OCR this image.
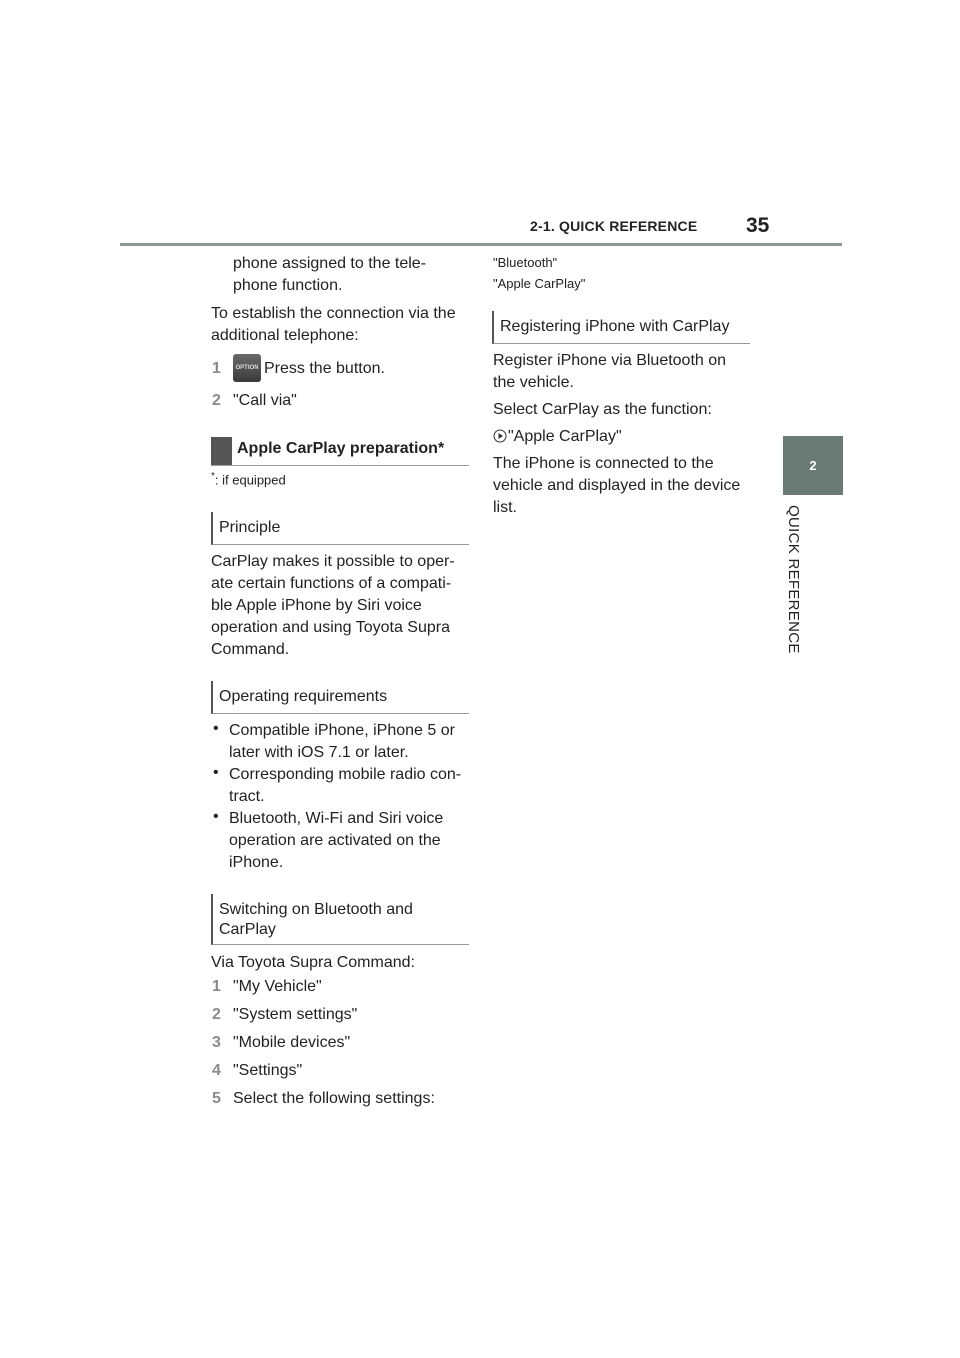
2-1. QUICK REFERENCE 35
2
QUICK REFERENCE
phone assigned to the tele-
phone function.
To establish the connection via the
additional telephone:
1	OPTION Press the button.
2 "Call via"
Apple CarPlay preparation*
*: if equipped
Principle
CarPlay makes it possible to oper-
ate certain functions of a compati-
ble Apple iPhone by Siri voice
operation and using Toyota Supra
Command.
Operating requirements
• Compatible iPhone, iPhone 5 or
later with iOS 7.1 or later.
• Corresponding mobile radio con-
tract.
• Bluetooth, Wi-Fi and Siri voice
operation are activated on the
iPhone.
Switching on Bluetooth and
CarPlay
Via Toyota Supra Command:
1 "My Vehicle"
2 "System settings"
3 "Mobile devices"
4 "Settings"
5 Select the following settings:
"Bluetooth"
"Apple CarPlay"
Registering iPhone with CarPlay
Register iPhone via Bluetooth on
the vehicle.
Select CarPlay as the function:
"Apple CarPlay"
The iPhone is connected to the
vehicle and displayed in the device
list.
